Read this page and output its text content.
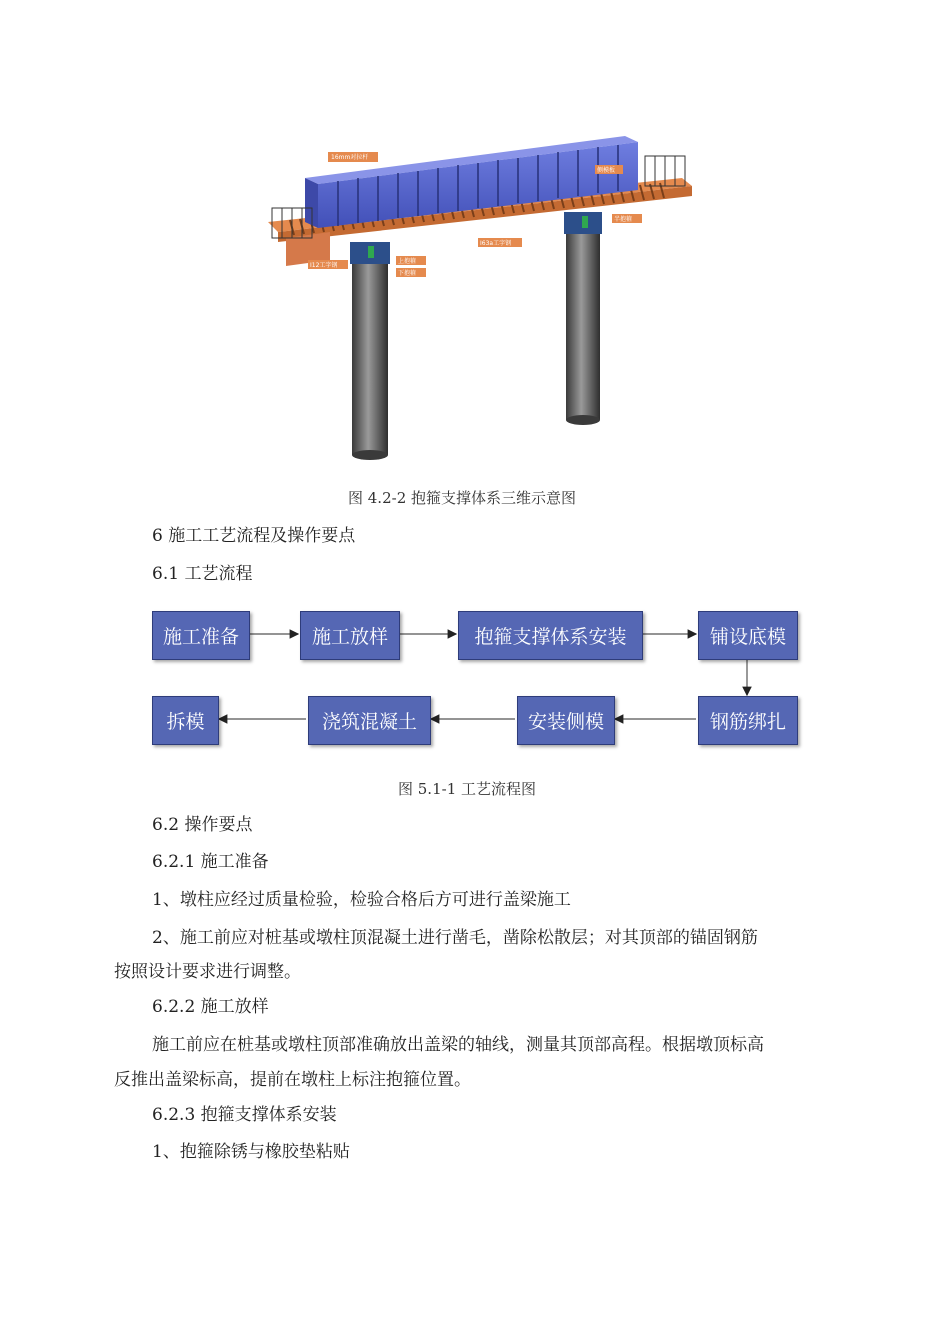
16mm对拉杆
侧模板
半抱箍
I63a工字钢
I12工字钢
上抱箍
下抱箍
图 4.2-2 抱箍支撑体系三维示意图
6 施工工艺流程及操作要点
6.1 工艺流程
施工准备	施工放样	抱箍支撑体系安装	铺设底模
钢筋绑扎
安装侧模
浇筑混凝土
拆模
图 5.1-1 工艺流程图
6.2 操作要点
6.2.1 施工准备
1、墩柱应经过质量检验，检验合格后方可进行盖梁施工
2、施工前应对桩基或墩柱顶混凝土进行凿毛，凿除松散层；对其顶部的锚固钢筋
按照设计要求进行调整。
6.2.2 施工放样
施工前应在桩基或墩柱顶部准确放出盖梁的轴线，测量其顶部高程。根据墩顶标高
反推出盖梁标高，提前在墩柱上标注抱箍位置。
6.2.3 抱箍支撑体系安装
1、抱箍除锈与橡胶垫粘贴
